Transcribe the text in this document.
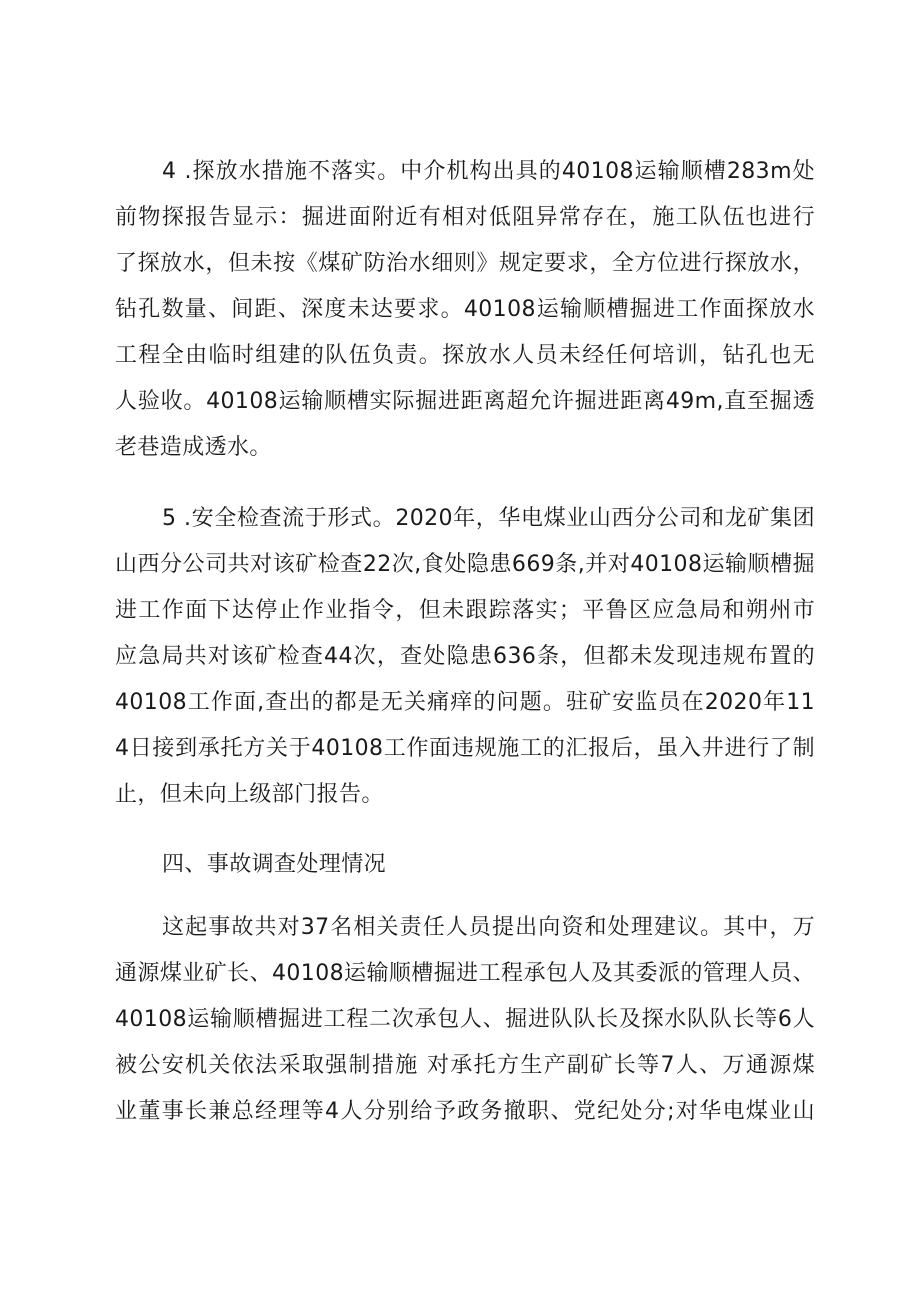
4 .探放水措施不落实。中介机构出具的40108运输顺槽283m处
前物探报告显示：掘进面附近有相对低阻异常存在，施工队伍也进行
了探放水，但未按《煤矿防治水细则》规定要求，全方位进行探放水，
钻孔数量、间距、深度未达要求。40108运输顺槽掘进工作面探放水
工程全由临时组建的队伍负责。探放水人员未经任何培训，钻孔也无
人验收。40108运输顺槽实际掘进距离超允许掘进距离49m,直至掘透
老巷造成透水。
5 .安全检查流于形式。2020年，华电煤业山西分公司和龙矿集团
山西分公司共对该矿检查22次,食处隐患669条,并对40108运输顺槽掘
进工作面下达停止作业指令，但未跟踪落实；平鲁区应急局和朔州市
应急局共对该矿检查44次，查处隐患636条，但都未发现违规布置的
40108工作面,查出的都是无关痛痒的问题。驻矿安监员在2020年11
4日接到承托方关于40108工作面违规施工的汇报后，虽入井进行了制
止，但未向上级部门报告。
四、事故调查处理情况
这起事故共对37名相关责任人员提出向资和处理建议。其中，万
通源煤业矿长、40108运输顺槽掘进工程承包人及其委派的管理人员、
40108运输顺槽掘进工程二次承包人、掘进队队长及探水队队长等6人
被公安机关依法采取强制措施 对承托方生产副矿长等7人、万通源煤
业董事长兼总经理等4人分别给予政务撤职、党纪处分;对华电煤业山
